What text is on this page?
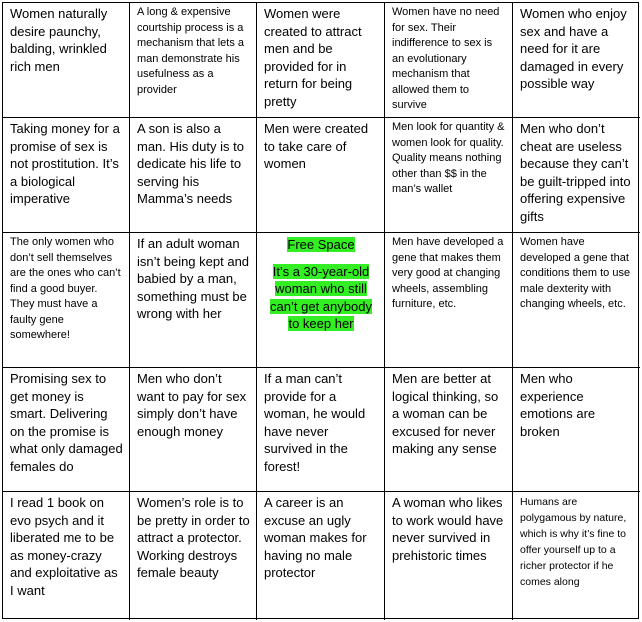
Women naturally desire paunchy, balding, wrinkled rich men
A long & expensive courtship process is a mechanism that lets a man demonstrate his usefulness as a provider
Women were created to attract men and be provided for in return for being pretty
Women have no need for sex. Their indifference to sex is an evolutionary mechanism that allowed them to survive
Women who enjoy sex and have a need for it are damaged in every possible way
Taking money for a promise of sex is not prostitution. It’s a biological imperative
A son is also a man. His duty is to dedicate his life to serving his Mamma’s needs
Men were created to take care of women
Men look for quantity & women look for quality. Quality means nothing other than $$ in the man’s wallet
Men who don’t cheat are useless because they can’t be guilt-tripped into offering expensive gifts
The only women who don’t sell themselves are the ones who can’t find a good buyer. They must have a faulty gene somewhere!
If an adult woman isn’t being kept and babied by a man, something must be wrong with her
Free Space
It’s a 30-year-old woman who still can’t get anybody to keep her
Men have developed a gene that makes them very good at changing wheels, assembling furniture, etc.
Women have developed a gene that conditions them to use male dexterity with changing wheels, etc.
Promising sex to get money is smart. Delivering on the promise is what only damaged females do
Men who don’t want to pay for sex simply don’t have enough money
If a man can’t provide for a woman, he would have never survived in the forest!
Men are better at logical thinking, so a woman can be excused for never making any sense
Men who experience emotions are broken
I read 1 book on evo psych and it liberated me to be as money-crazy and exploitative as I want
Women’s role is to be pretty in order to attract a protector. Working destroys female beauty
A career is an excuse an ugly woman makes for having no male protector
A woman who likes to work would have never survived in prehistoric times
Humans are polygamous by nature, which is why it’s fine to offer yourself up to a richer protector if he comes along
